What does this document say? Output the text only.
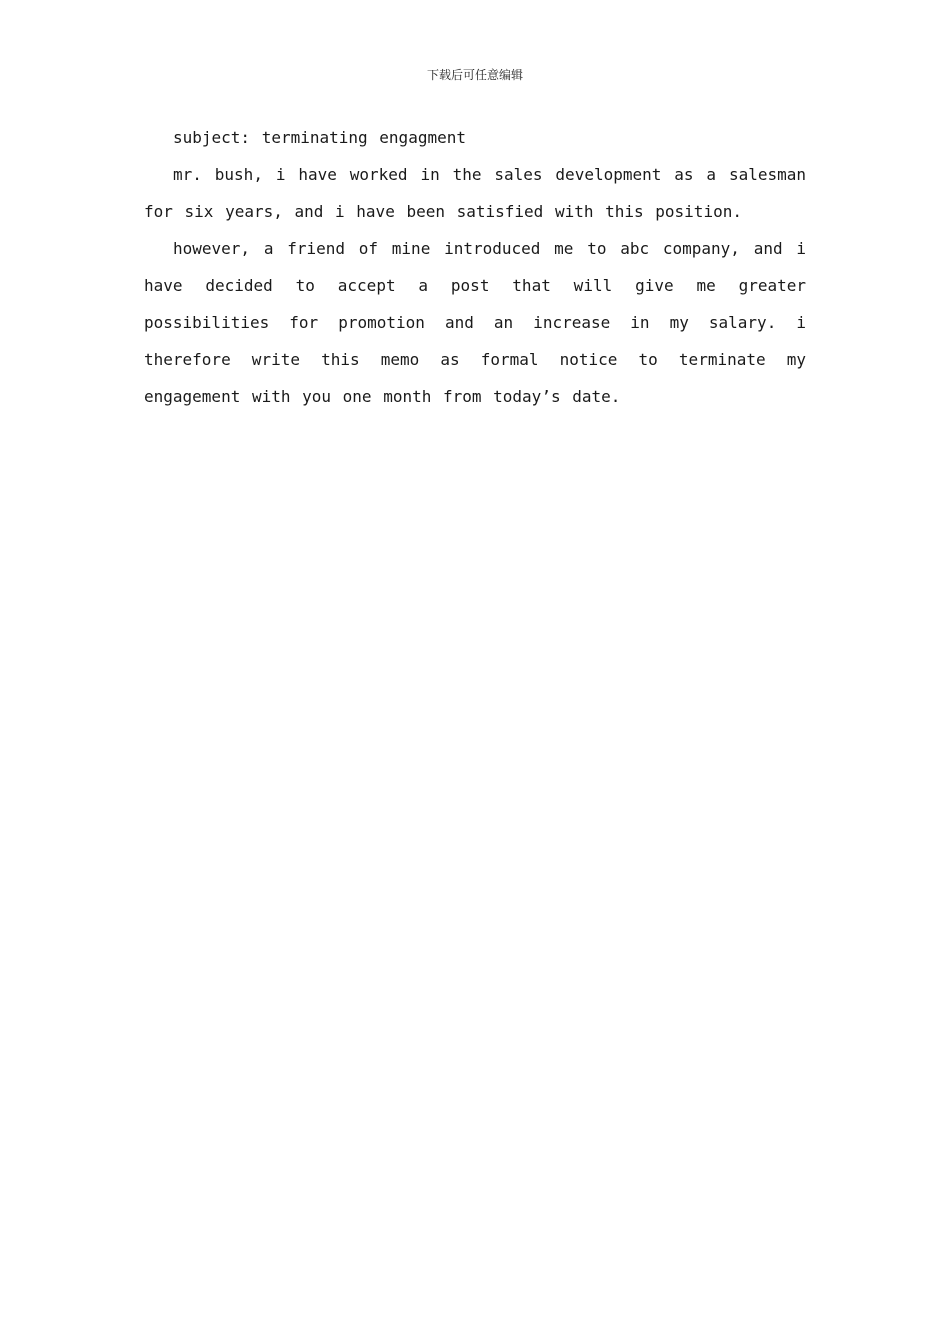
下载后可任意编辑

subject: terminating engagment

mr. bush, i have worked in the sales development as a salesman for six years, and i have been satisfied with this position.

however, a friend of mine introduced me to abc company, and i have decided to accept a post that will give me greater possibilities for promotion and an increase in my salary. i therefore write this memo as formal notice to terminate my engagement with you one month from today’s date.
